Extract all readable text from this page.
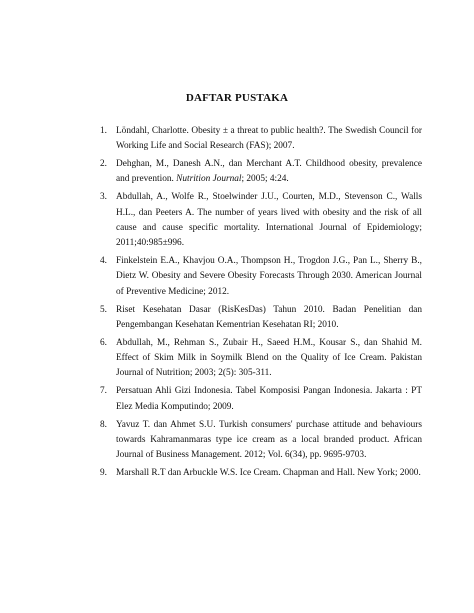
DAFTAR PUSTAKA
1. Löndahl, Charlotte. Obesity ± a threat to public health?. The Swedish Council for Working Life and Social Research (FAS); 2007.
2. Dehghan, M., Danesh A.N., dan Merchant A.T. Childhood obesity, prevalence and prevention. Nutrition Journal; 2005; 4:24.
3. Abdullah, A., Wolfe R., Stoelwinder J.U., Courten, M.D., Stevenson C., Walls H.L., dan Peeters A. The number of years lived with obesity and the risk of all cause and cause specific mortality. International Journal of Epidemiology; 2011;40:985±996.
4. Finkelstein E.A., Khavjou O.A., Thompson H., Trogdon J.G., Pan L., Sherry B., Dietz W. Obesity and Severe Obesity Forecasts Through 2030. American Journal of Preventive Medicine; 2012.
5. Riset Kesehatan Dasar (RisKesDas) Tahun 2010. Badan Penelitian dan Pengembangan Kesehatan Kementrian Kesehatan RI; 2010.
6. Abdullah, M., Rehman S., Zubair H., Saeed H.M., Kousar S., dan Shahid M. Effect of Skim Milk in Soymilk Blend on the Quality of Ice Cream. Pakistan Journal of Nutrition; 2003; 2(5): 305-311.
7. Persatuan Ahli Gizi Indonesia. Tabel Komposisi Pangan Indonesia. Jakarta : PT Elez Media Komputindo; 2009.
8. Yavuz T. dan Ahmet S.U. Turkish consumers' purchase attitude and behaviours towards Kahramanmaras type ice cream as a local branded product. African Journal of Business Management. 2012; Vol. 6(34), pp. 9695-9703.
9. Marshall R.T dan Arbuckle W.S. Ice Cream. Chapman and Hall. New York; 2000.
